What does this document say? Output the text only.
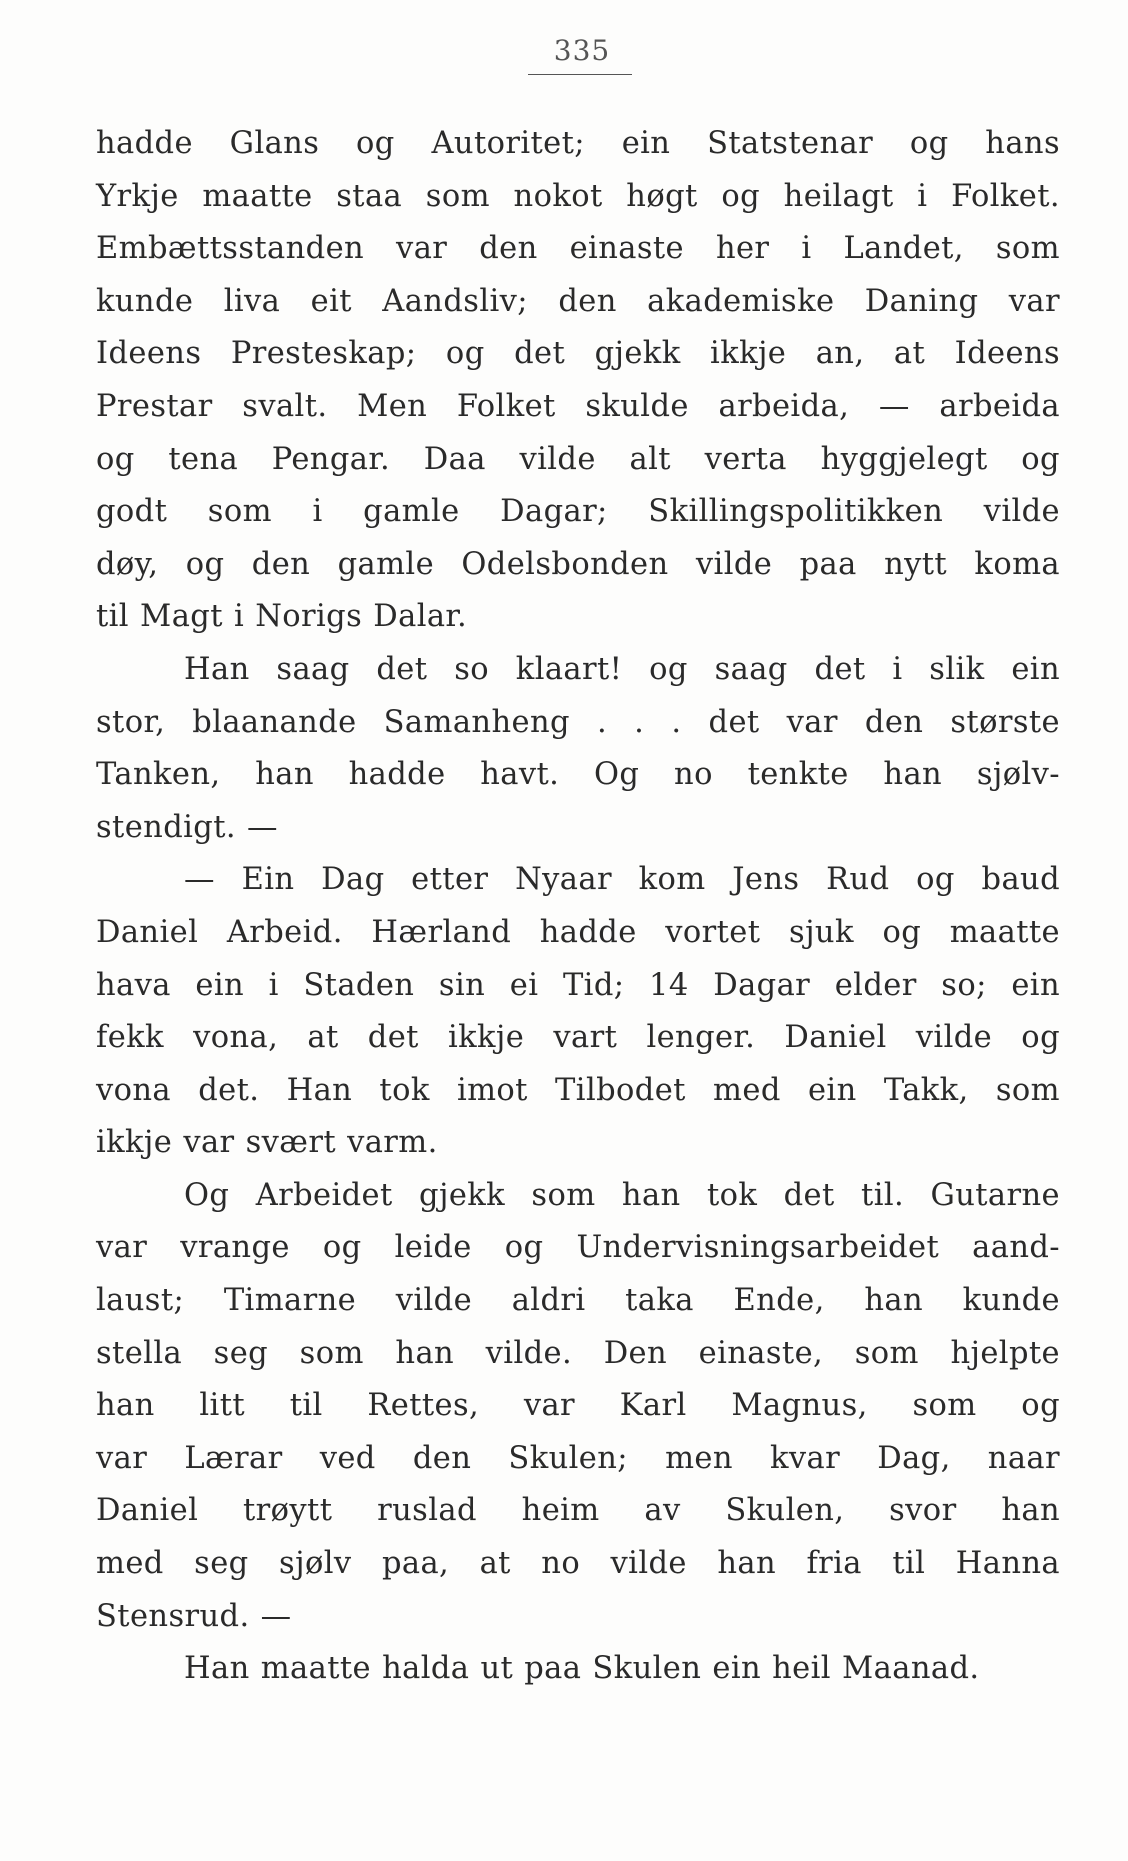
335
hadde Glans og Autoritet; ein Statstenar og hans
Yrkje maatte staa som nokot høgt og heilagt i Folket.
Embættsstanden var den einaste her i Landet, som
kunde liva eit Aandsliv; den akademiske Daning var
Ideens Presteskap; og det gjekk ikkje an, at Ideens
Prestar svalt. Men Folket skulde arbeida, — arbeida
og tena Pengar. Daa vilde alt verta hyggjelegt og
godt som i gamle Dagar; Skillingspolitikken vilde
døy, og den gamle Odelsbonden vilde paa nytt koma
til Magt i Norigs Dalar.
Han saag det so klaart! og saag det i slik ein
stor, blaanande Samanheng . . . det var den største
Tanken, han hadde havt. Og no tenkte han sjølv-
stendigt. —
— Ein Dag etter Nyaar kom Jens Rud og baud
Daniel Arbeid. Hærland hadde vortet sjuk og maatte
hava ein i Staden sin ei Tid; 14 Dagar elder so; ein
fekk vona, at det ikkje vart lenger. Daniel vilde og
vona det. Han tok imot Tilbodet med ein Takk, som
ikkje var svært varm.
Og Arbeidet gjekk som han tok det til. Gutarne
var vrange og leide og Undervisningsarbeidet aand-
laust; Timarne vilde aldri taka Ende, han kunde
stella seg som han vilde. Den einaste, som hjelpte
han litt til Rettes, var Karl Magnus, som og
var Lærar ved den Skulen; men kvar Dag, naar
Daniel trøytt ruslad heim av Skulen, svor han
med seg sjølv paa, at no vilde han fria til Hanna
Stensrud. —
Han maatte halda ut paa Skulen ein heil Maanad.
